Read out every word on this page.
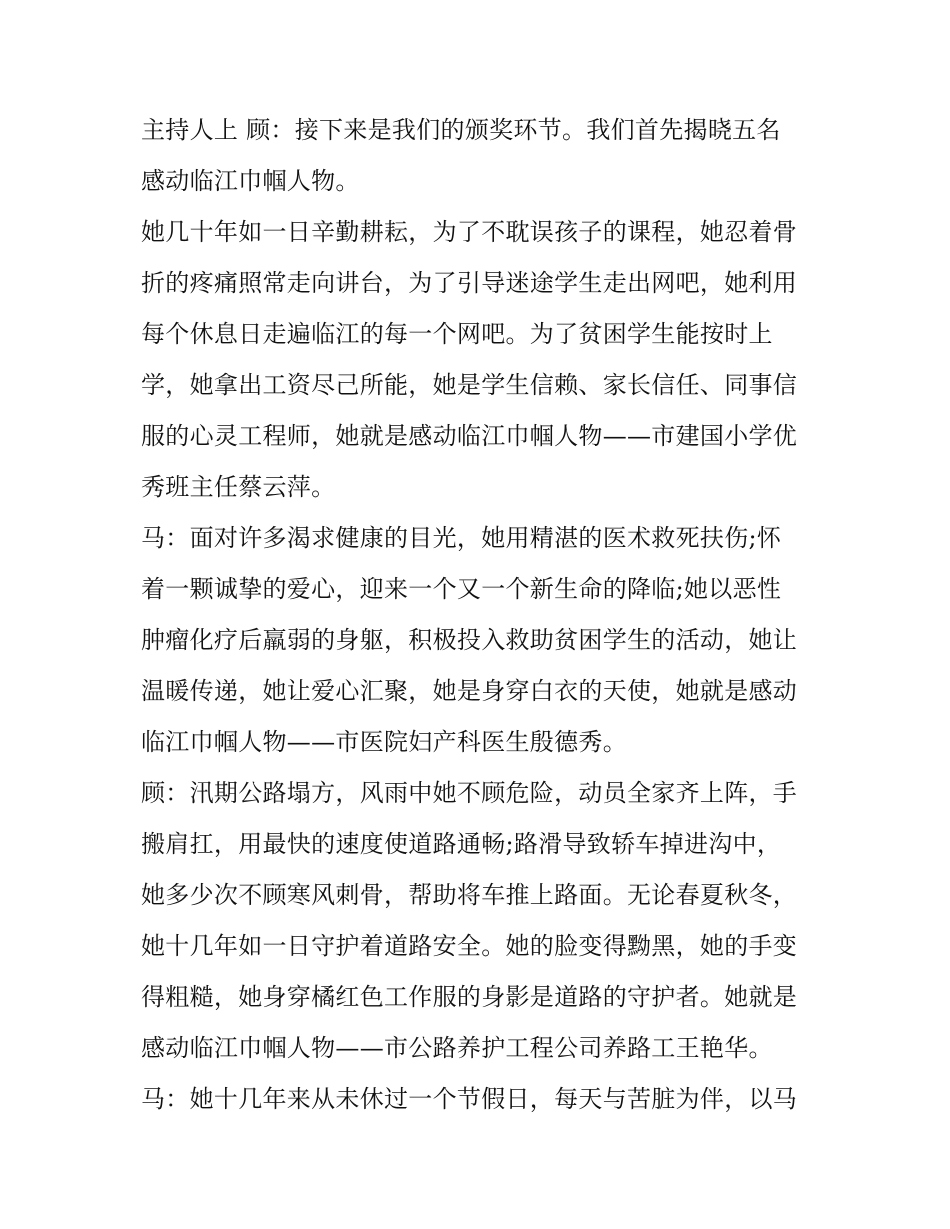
主持人上 顾：接下来是我们的颁奖环节。我们首先揭晓五名
感动临江巾帼人物。
她几十年如一日辛勤耕耘，为了不耽误孩子的课程，她忍着骨
折的疼痛照常走向讲台，为了引导迷途学生走出网吧，她利用
每个休息日走遍临江的每一个网吧。为了贫困学生能按时上
学，她拿出工资尽己所能，她是学生信赖、家长信任、同事信
服的心灵工程师，她就是感动临江巾帼人物——市建国小学优
秀班主任蔡云萍。
马：面对许多渴求健康的目光，她用精湛的医术救死扶伤;怀
着一颗诚挚的爱心，迎来一个又一个新生命的降临;她以恶性
肿瘤化疗后羸弱的身躯，积极投入救助贫困学生的活动，她让
温暖传递，她让爱心汇聚，她是身穿白衣的天使，她就是感动
临江巾帼人物——市医院妇产科医生殷德秀。
顾：汛期公路塌方，风雨中她不顾危险，动员全家齐上阵，手
搬肩扛，用最快的速度使道路通畅;路滑导致轿车掉进沟中，
她多少次不顾寒风刺骨，帮助将车推上路面。无论春夏秋冬，
她十几年如一日守护着道路安全。她的脸变得黝黑，她的手变
得粗糙，她身穿橘红色工作服的身影是道路的守护者。她就是
感动临江巾帼人物——市公路养护工程公司养路工王艳华。
马：她十几年来从未休过一个节假日，每天与苦脏为伴，以马
